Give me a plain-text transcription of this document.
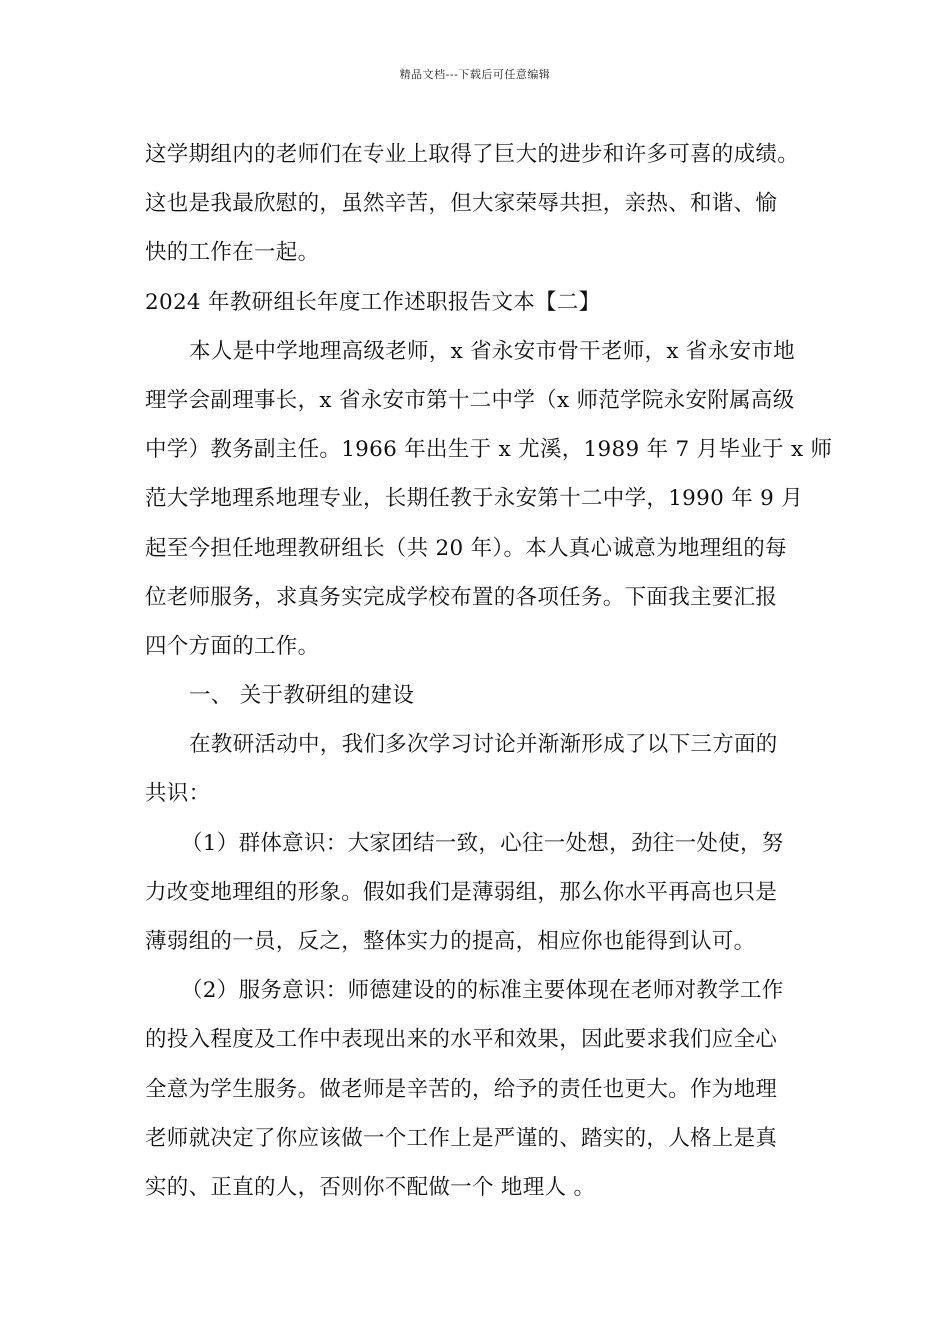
精品文档---下载后可任意编辑
这学期组内的老师们在专业上取得了巨大的进步和许多可喜的成绩。
这也是我最欣慰的，虽然辛苦，但大家荣辱共担，亲热、和谐、愉
快的工作在一起。
2024 年教研组长年度工作述职报告文本【二】
本人是中学地理高级老师，x 省永安市骨干老师，x 省永安市地
理学会副理事长，x 省永安市第十二中学（x 师范学院永安附属高级
中学）教务副主任。1966 年出生于 x 尤溪，1989 年 7 月毕业于 x 师
范大学地理系地理专业，长期任教于永安第十二中学，1990 年 9 月
起至今担任地理教研组长（共 20 年）。本人真心诚意为地理组的每
位老师服务，求真务实完成学校布置的各项任务。下面我主要汇报
四个方面的工作。
一、 关于教研组的建设
在教研活动中，我们多次学习讨论并渐渐形成了以下三方面的
共识：
（1）群体意识：大家团结一致，心往一处想，劲往一处使，努
力改变地理组的形象。假如我们是薄弱组，那么你水平再高也只是
薄弱组的一员，反之，整体实力的提高，相应你也能得到认可。
（2）服务意识：师德建设的的标准主要体现在老师对教学工作
的投入程度及工作中表现出来的水平和效果，因此要求我们应全心
全意为学生服务。做老师是辛苦的，给予的责任也更大。作为地理
老师就决定了你应该做一个工作上是严谨的、踏实的，人格上是真
实的、正直的人，否则你不配做一个 地理人 。
